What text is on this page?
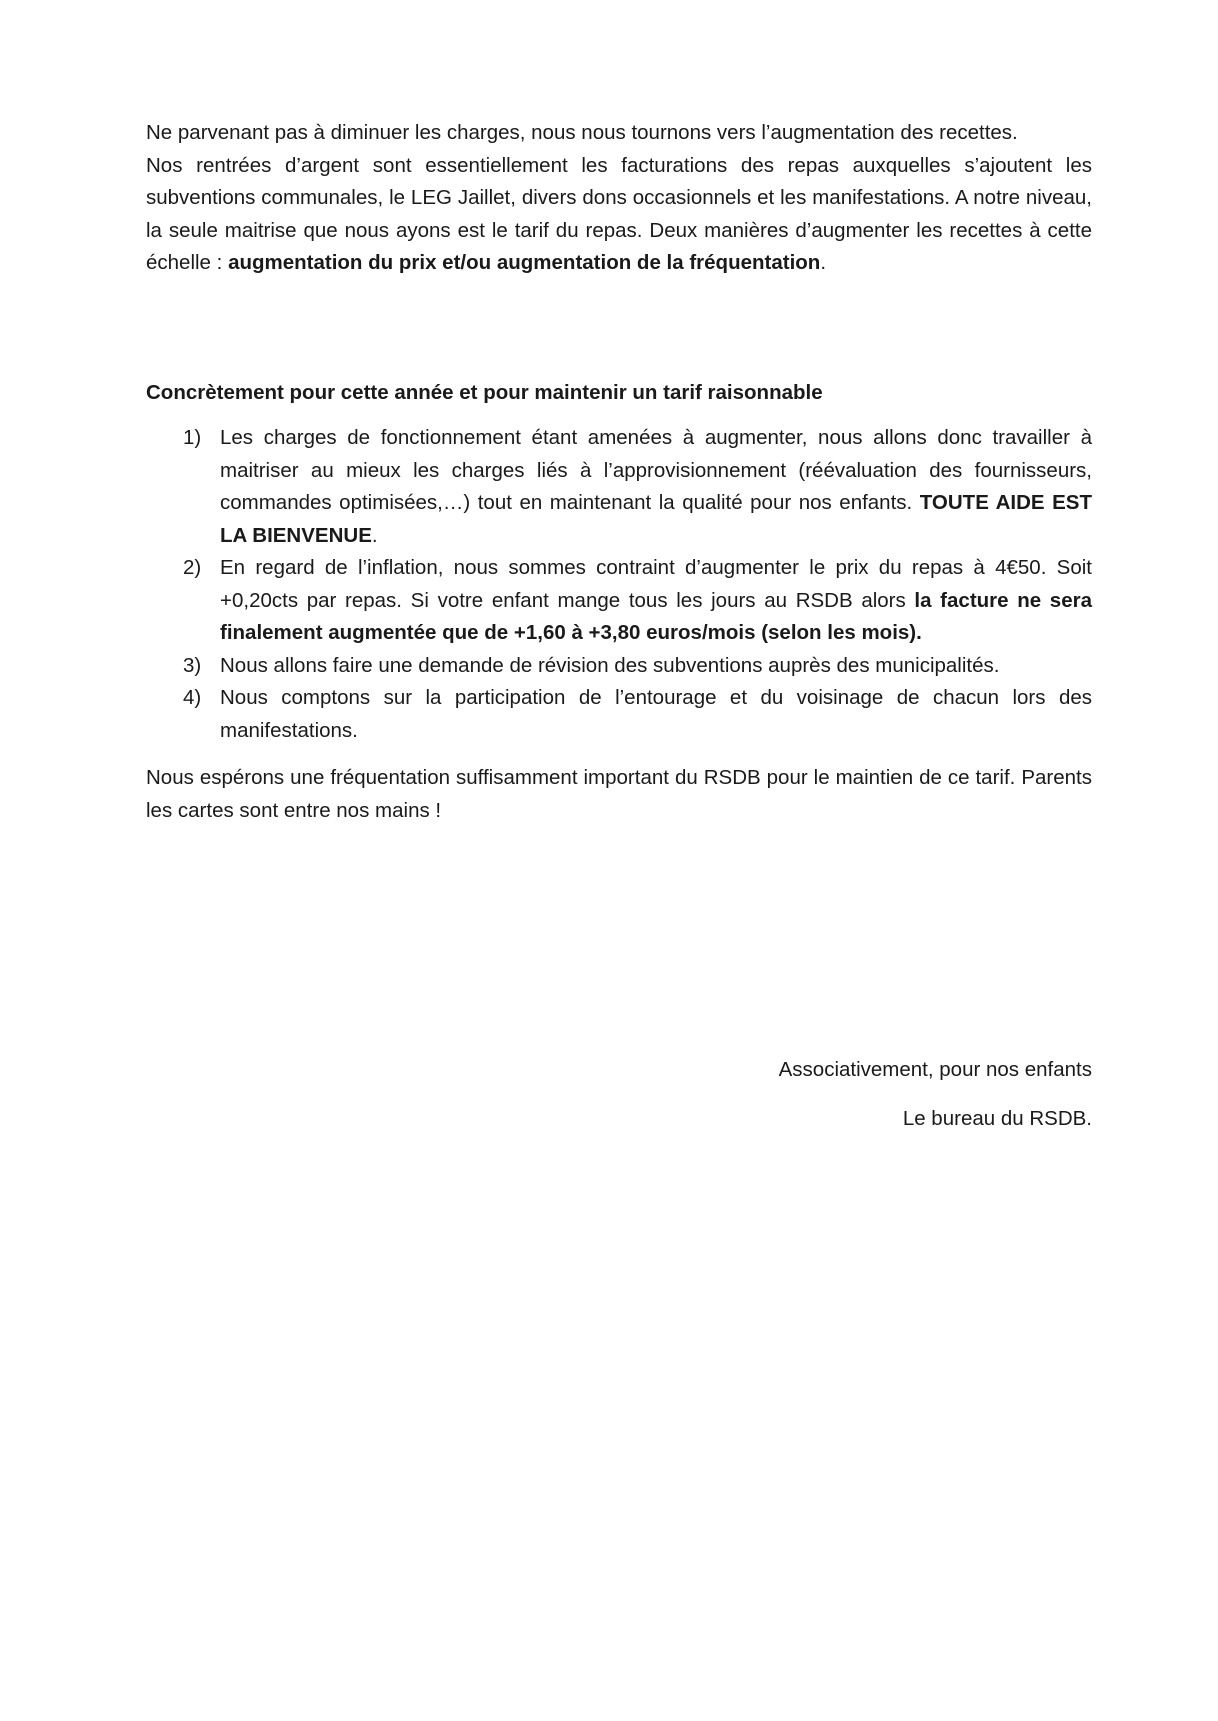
Ne parvenant pas à diminuer les charges, nous nous tournons vers l’augmentation des recettes.

Nos rentrées d’argent sont essentiellement les facturations des repas auxquelles s’ajoutent les subventions communales, le LEG Jaillet, divers dons occasionnels et les manifestations. A notre niveau, la seule maitrise que nous ayons est le tarif du repas. Deux manières d’augmenter les recettes à cette échelle : augmentation du prix et/ou augmentation de la fréquentation.

Concrètement pour cette année et pour maintenir un tarif raisonnable

1) Les charges de fonctionnement étant amenées à augmenter, nous allons donc travailler à maitriser au mieux les charges liés à l’approvisionnement (réévaluation des fournisseurs, commandes optimisées,…) tout en maintenant la qualité pour nos enfants. TOUTE AIDE EST LA BIENVENUE.
2) En regard de l’inflation, nous sommes contraint d’augmenter le prix du repas à 4€50. Soit +0,20cts par repas. Si votre enfant mange tous les jours au RSDB alors la facture ne sera finalement augmentée que de +1,60 à +3,80 euros/mois (selon les mois).
3) Nous allons faire une demande de révision des subventions auprès des municipalités.
4) Nous comptons sur la participation de l’entourage et du voisinage de chacun lors des manifestations.

Nous espérons une fréquentation suffisamment important du RSDB pour le maintien de ce tarif. Parents les cartes sont entre nos mains !

Associativement, pour nos enfants
Le bureau du RSDB.
